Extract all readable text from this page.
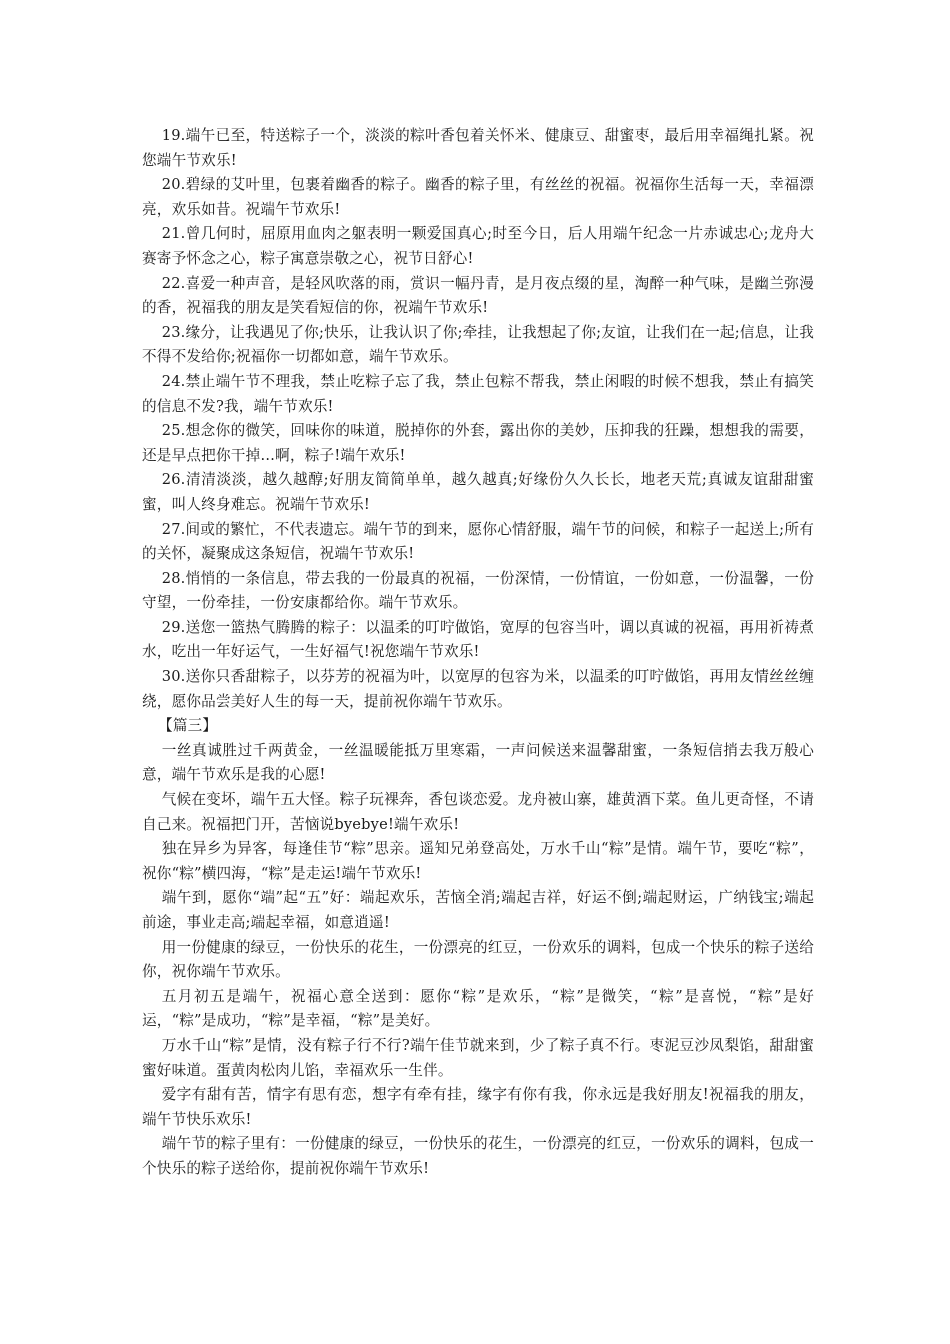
19.端午已至，特送粽子一个，淡淡的粽叶香包着关怀米、健康豆、甜蜜枣，最后用幸福绳扎紧。祝您端午节欢乐!

20.碧绿的艾叶里，包裹着幽香的粽子。幽香的粽子里，有丝丝的祝福。祝福你生活每一天，幸福漂亮，欢乐如昔。祝端午节欢乐!

21.曾几何时，屈原用血肉之躯表明一颗爱国真心;时至今日，后人用端午纪念一片赤诚忠心;龙舟大赛寄予怀念之心，粽子寓意崇敬之心，祝节日舒心!

22.喜爱一种声音，是轻风吹落的雨，赏识一幅丹青，是月夜点缀的星，淘醉一种气味，是幽兰弥漫的香，祝福我的朋友是笑看短信的你，祝端午节欢乐!

23.缘分，让我遇见了你;快乐，让我认识了你;牵挂，让我想起了你;友谊，让我们在一起;信息，让我不得不发给你;祝福你一切都如意，端午节欢乐。

24.禁止端午节不理我，禁止吃粽子忘了我，禁止包粽不帮我，禁止闲暇的时候不想我，禁止有搞笑的信息不发?我，端午节欢乐!

25.想念你的微笑，回味你的味道，脱掉你的外套，露出你的美妙，压抑我的狂躁，想想我的需要，还是早点把你干掉…啊，粽子!端午欢乐!

26.清清淡淡，越久越醇;好朋友简简单单，越久越真;好缘份久久长长，地老天荒;真诚友谊甜甜蜜蜜，叫人终身难忘。祝端午节欢乐!

27.间或的繁忙，不代表遗忘。端午节的到来，愿你心情舒服，端午节的问候，和粽子一起送上;所有的关怀，凝聚成这条短信，祝端午节欢乐!

28.悄悄的一条信息，带去我的一份最真的祝福，一份深情，一份情谊，一份如意，一份温馨，一份守望，一份牵挂，一份安康都给你。端午节欢乐。

29.送您一篮热气腾腾的粽子：以温柔的叮咛做馅，宽厚的包容当叶，调以真诚的祝福，再用祈祷煮水，吃出一年好运气，一生好福气!祝您端午节欢乐!

30.送你只香甜粽子，以芬芳的祝福为叶，以宽厚的包容为米，以温柔的叮咛做馅，再用友情丝丝缠绕，愿你品尝美好人生的每一天，提前祝你端午节欢乐。

【篇三】

一丝真诚胜过千两黄金，一丝温暖能抵万里寒霜，一声问候送来温馨甜蜜，一条短信捎去我万般心意，端午节欢乐是我的心愿!

气候在变坏，端午五大怪。粽子玩裸奔，香包谈恋爱。龙舟被山寨，雄黄酒下菜。鱼儿更奇怪，不请自己来。祝福把门开，苦恼说byebye!端午欢乐!

独在异乡为异客，每逢佳节“粽”思亲。遥知兄弟登高处，万水千山“粽”是情。端午节，要吃“粽”，祝你“粽”横四海，“粽”是走运!端午节欢乐!

端午到，愿你“端”起“五”好：端起欢乐，苦恼全消;端起吉祥，好运不倒;端起财运，广纳钱宝;端起前途，事业走高;端起幸福，如意逍遥!

用一份健康的绿豆，一份快乐的花生，一份漂亮的红豆，一份欢乐的调料，包成一个快乐的粽子送给你，祝你端午节欢乐。

五月初五是端午，祝福心意全送到：愿你“粽”是欢乐，“粽”是微笑，“粽”是喜悦，“粽”是好运，“粽”是成功，“粽”是幸福，“粽”是美好。

万水千山“粽”是情，没有粽子行不行?端午佳节就来到，少了粽子真不行。枣泥豆沙凤梨馅，甜甜蜜蜜好味道。蛋黄肉松肉儿馅，幸福欢乐一生伴。

爱字有甜有苦，情字有思有恋，想字有牵有挂，缘字有你有我，你永远是我好朋友!祝福我的朋友，端午节快乐欢乐!

端午节的粽子里有：一份健康的绿豆，一份快乐的花生，一份漂亮的红豆，一份欢乐的调料，包成一个快乐的粽子送给你，提前祝你端午节欢乐!
